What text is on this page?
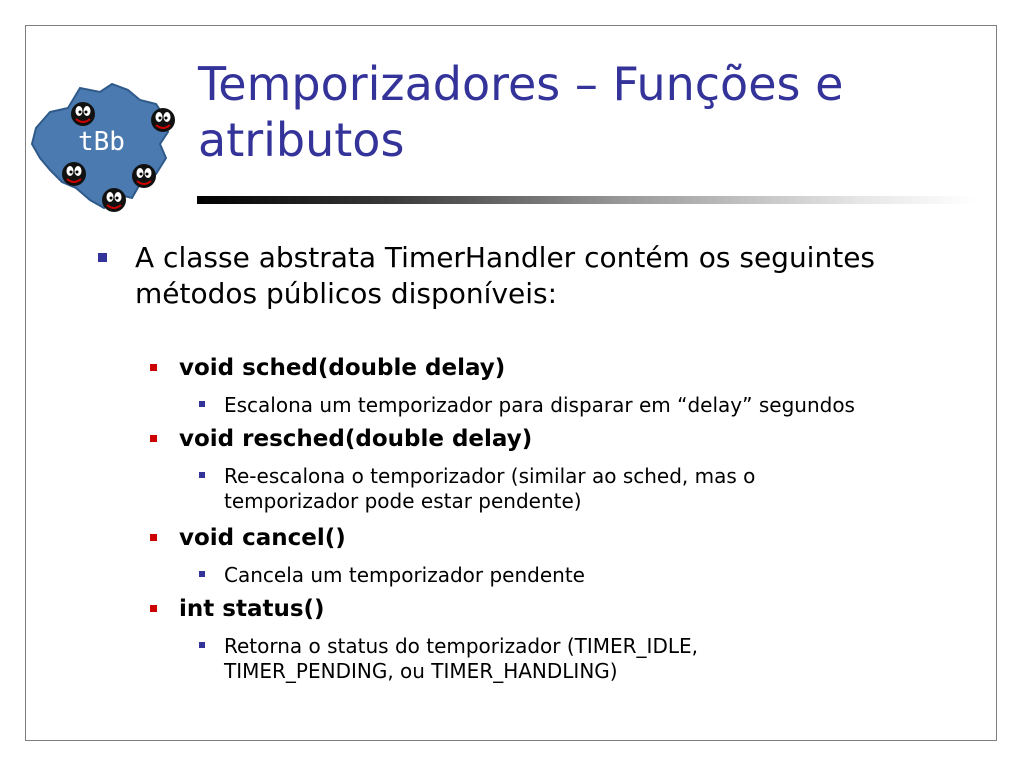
tBb
Temporizadores – Funções e atributos
A classe abstrata TimerHandler contém os seguintes métodos públicos disponíveis:
void sched(double delay)
Escalona um temporizador para disparar em “delay” segundos
void resched(double delay)
Re-escalona o temporizador (similar ao sched, mas o temporizador pode estar pendente)
void cancel()
Cancela um temporizador pendente
int status()
Retorna o status do temporizador (TIMER_IDLE, TIMER_PENDING, ou TIMER_HANDLING)
